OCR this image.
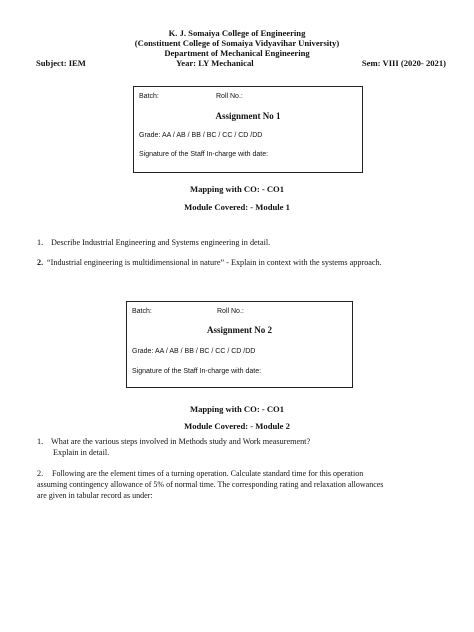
K. J. Somaiya College of Engineering
(Constituent College of Somaiya Vidyavihar University)
Department of Mechanical Engineering
Subject: IEM	Year: LY Mechanical	Sem: VIII (2020- 2021)
Batch:	Roll No.:
Assignment No 1
Grade: AA / AB / BB / BC / CC / CD /DD
Signature of the Staff In-charge with date:
Mapping with CO: - CO1
Module Covered: - Module 1
1. Describe Industrial Engineering and Systems engineering in detail.
2. “Industrial engineering is multidimensional in nature” - Explain in context with the systems approach.
Batch:	Roll No.:
Assignment No 2
Grade: AA / AB / BB / BC / CC / CD /DD
Signature of the Staff In-charge with date:
Mapping with CO: - CO1
Module Covered: - Module 2
1. What are the various steps involved in Methods study and Work measurement?
Explain in detail.
2. Following are the element times of a turning operation. Calculate standard time for this operation
assuming contingency allowance of 5% of normal time. The corresponding rating and relaxation allowances
are given in tabular record as under:
